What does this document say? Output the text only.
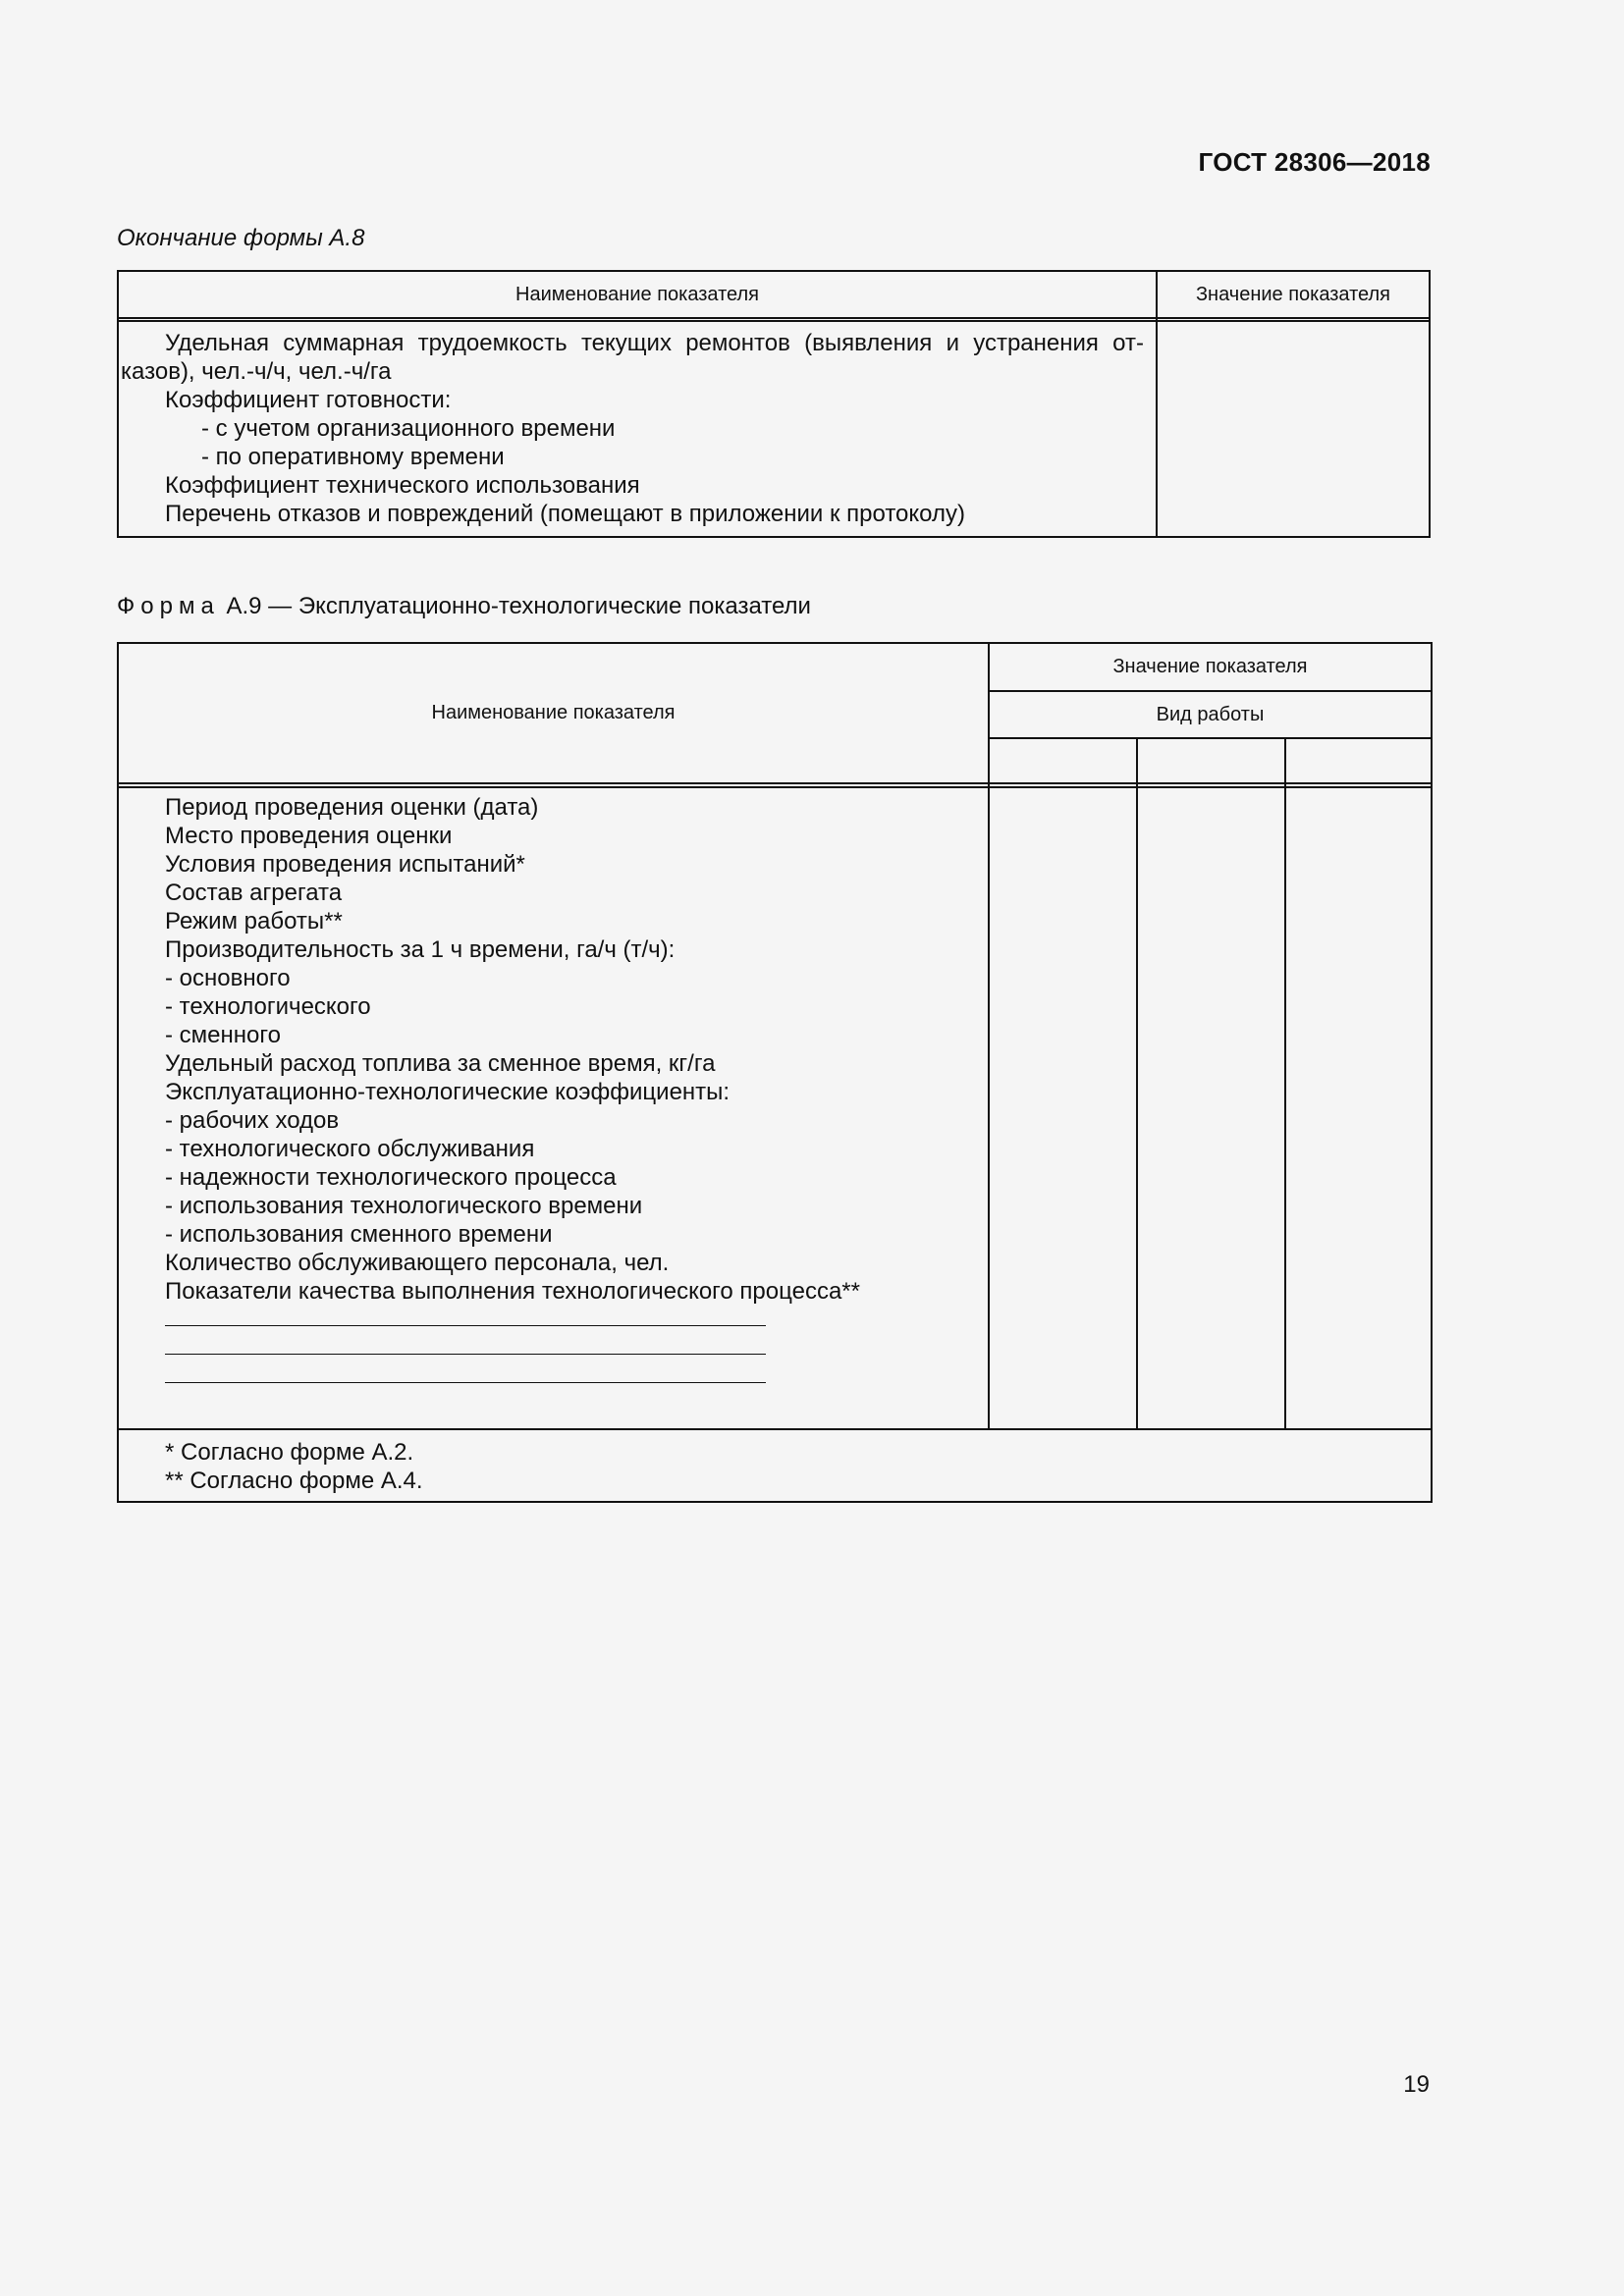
ГОСТ 28306—2018
Окончание формы А.8
Наименование показателя	Значение показателя
Удельная суммарная трудоемкость текущих ремонтов (выявления и устранения от-
казов), чел.-ч/ч, чел.-ч/га
Коэффициент готовности:
- с учетом организационного времени
- по оперативному времени
Коэффициент технического использования
Перечень отказов и повреждений (помещают в приложении к протоколу)
Форма А.9 — Эксплуатационно-технологические показатели
Наименование показателя
Значение показателя
Вид работы
Период проведения оценки (дата)
Место проведения оценки
Условия проведения испытаний*
Состав агрегата
Режим работы**
Производительность за 1 ч времени, га/ч (т/ч):
- основного
- технологического
- сменного
Удельный расход топлива за сменное время, кг/га
Эксплуатационно-технологические коэффициенты:
- рабочих ходов
- технологического обслуживания
- надежности технологического процесса
- использования технологического времени
- использования сменного времени
Количество обслуживающего персонала, чел.
Показатели качества выполнения технологического процесса**
* Согласно форме А.2.
** Согласно форме А.4.
19
